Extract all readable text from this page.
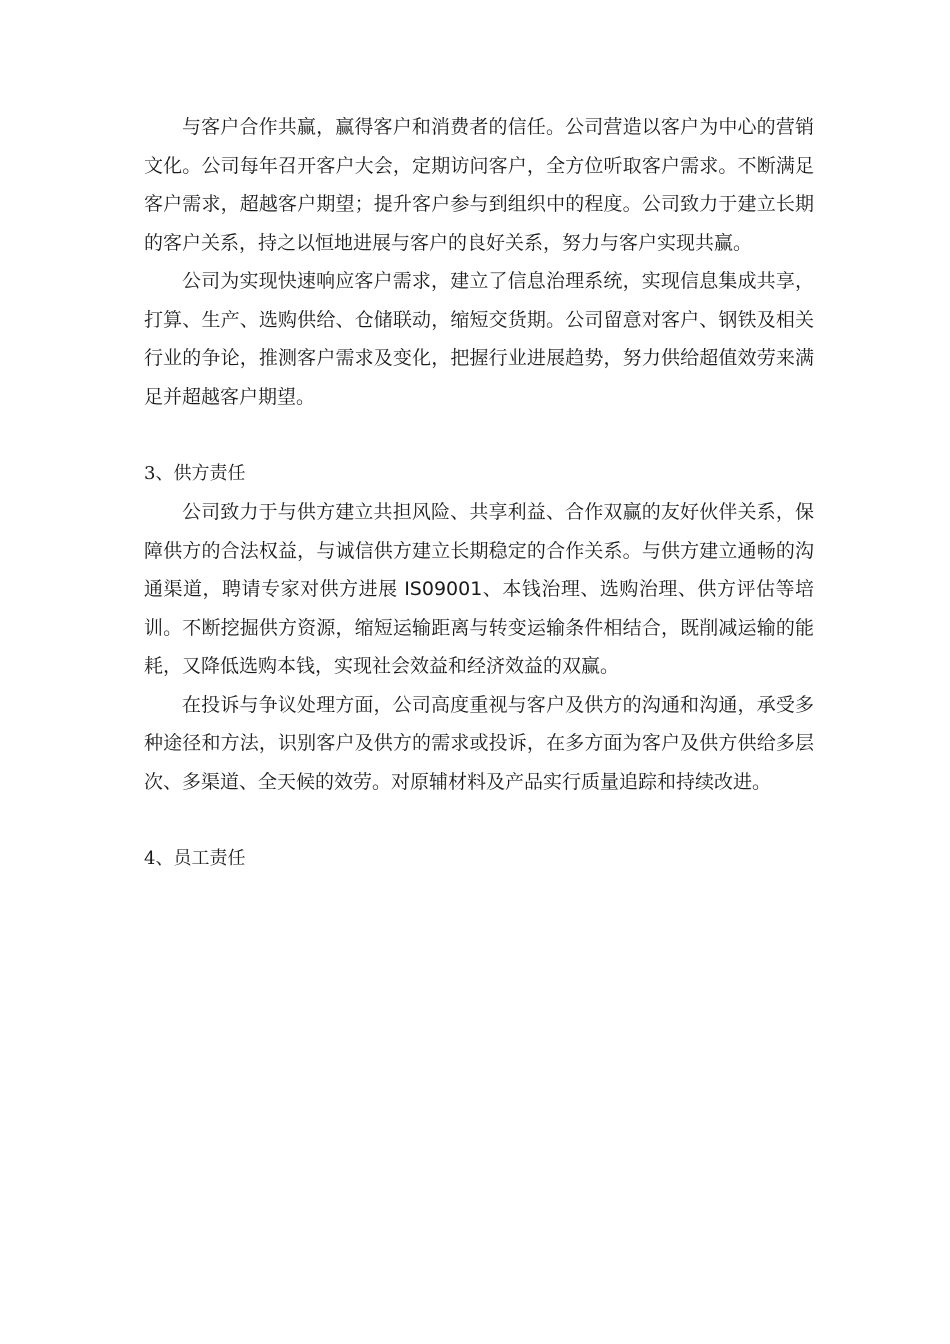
与客户合作共赢，赢得客户和消费者的信任。公司营造以客户为中心的营销文化。公司每年召开客户大会，定期访问客户，全方位听取客户需求。不断满足客户需求，超越客户期望；提升客户参与到组织中的程度。公司致力于建立长期的客户关系，持之以恒地进展与客户的良好关系，努力与客户实现共赢。

公司为实现快速响应客户需求，建立了信息治理系统，实现信息集成共享，打算、生产、选购供给、仓储联动，缩短交货期。公司留意对客户、钢铁及相关行业的争论，推测客户需求及变化，把握行业进展趋势，努力供给超值效劳来满足并超越客户期望。

3、供方责任

公司致力于与供方建立共担风险、共享利益、合作双赢的友好伙伴关系，保障供方的合法权益，与诚信供方建立长期稳定的合作关系。与供方建立通畅的沟通渠道，聘请专家对供方进展 IS09001、本钱治理、选购治理、供方评估等培训。不断挖掘供方资源，缩短运输距离与转变运输条件相结合，既削减运输的能耗，又降低选购本钱，实现社会效益和经济效益的双赢。

在投诉与争议处理方面，公司高度重视与客户及供方的沟通和沟通，承受多种途径和方法，识别客户及供方的需求或投诉，在多方面为客户及供方供给多层次、多渠道、全天候的效劳。对原辅材料及产品实行质量追踪和持续改进。

4、员工责任
